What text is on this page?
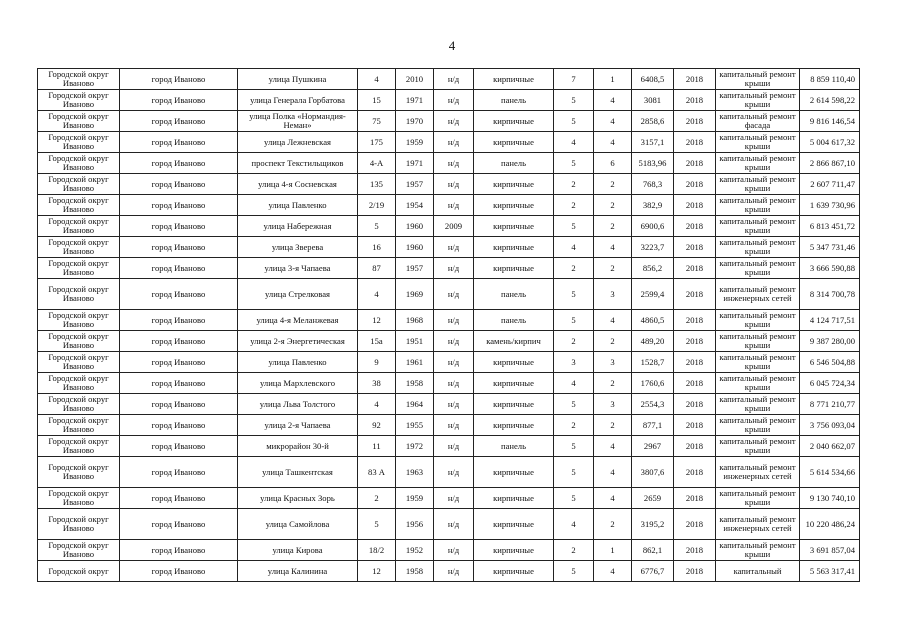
4
Городской округ Иваново	город Иваново	улица Пушкина	4	2010	н/д	кирпичные	7	1	6408,5	2018	капитальный ремонт крыши	8 859 110,40
Городской округ Иваново	город Иваново	улица Генерала Горбатова	15	1971	н/д	панель	5	4	3081	2018	капитальный ремонт крыши	2 614 598,22
Городской округ Иваново	город Иваново	улица Полка «Нормандия-Неман»	75	1970	н/д	кирпичные	5	4	2858,6	2018	капитальный ремонт фасада	9 816 146,54
Городской округ Иваново	город Иваново	улица Лежневская	175	1959	н/д	кирпичные	4	4	3157,1	2018	капитальный ремонт крыши	5 004 617,32
Городской округ Иваново	город Иваново	проспект Текстильщиков	4-А	1971	н/д	панель	5	6	5183,96	2018	капитальный ремонт крыши	2 866 867,10
Городской округ Иваново	город Иваново	улица 4-я Сосневская	135	1957	н/д	кирпичные	2	2	768,3	2018	капитальный ремонт крыши	2 607 711,47
Городской округ Иваново	город Иваново	улица Павленко	2/19	1954	н/д	кирпичные	2	2	382,9	2018	капитальный ремонт крыши	1 639 730,96
Городской округ Иваново	город Иваново	улица Набережная	5	1960	2009	кирпичные	5	2	6900,6	2018	капитальный ремонт крыши	6 813 451,72
Городской округ Иваново	город Иваново	улица Зверева	16	1960	н/д	кирпичные	4	4	3223,7	2018	капитальный ремонт крыши	5 347 731,46
Городской округ Иваново	город Иваново	улица 3-я Чапаева	87	1957	н/д	кирпичные	2	2	856,2	2018	капитальный ремонт крыши	3 666 590,88
Городской округ Иваново	город Иваново	улица Стрелковая	4	1969	н/д	панель	5	3	2599,4	2018	капитальный ремонт инженерных сетей	8 314 700,78
Городской округ Иваново	город Иваново	улица 4-я Меланжевая	12	1968	н/д	панель	5	4	4860,5	2018	капитальный ремонт крыши	4 124 717,51
Городской округ Иваново	город Иваново	улица 2-я Энергетическая	15а	1951	н/д	камень/кирпич	2	2	489,20	2018	капитальный ремонт крыши	9 387 280,00
Городской округ Иваново	город Иваново	улица Павленко	9	1961	н/д	кирпичные	3	3	1528,7	2018	капитальный ремонт крыши	6 546 504,88
Городской округ Иваново	город Иваново	улица Мархлевского	38	1958	н/д	кирпичные	4	2	1760,6	2018	капитальный ремонт крыши	6 045 724,34
Городской округ Иваново	город Иваново	улица Льва Толстого	4	1964	н/д	кирпичные	5	3	2554,3	2018	капитальный ремонт крыши	8 771 210,77
Городской округ Иваново	город Иваново	улица 2-я Чапаева	92	1955	н/д	кирпичные	2	2	877,1	2018	капитальный ремонт крыши	3 756 093,04
Городской округ Иваново	город Иваново	микрорайон 30-й	11	1972	н/д	панель	5	4	2967	2018	капитальный ремонт крыши	2 040 662,07
Городской округ Иваново	город Иваново	улица Ташкентская	83 А	1963	н/д	кирпичные	5	4	3807,6	2018	капитальный ремонт инженерных сетей	5 614 534,66
Городской округ Иваново	город Иваново	улица Красных Зорь	2	1959	н/д	кирпичные	5	4	2659	2018	капитальный ремонт крыши	9 130 740,10
Городской округ Иваново	город Иваново	улица Самойлова	5	1956	н/д	кирпичные	4	2	3195,2	2018	капитальный ремонт инженерных сетей	10 220 486,24
Городской округ Иваново	город Иваново	улица Кирова	18/2	1952	н/д	кирпичные	2	1	862,1	2018	капитальный ремонт крыши	3 691 857,04
Городской округ	город Иваново	улица Калинина	12	1958	н/д	кирпичные	5	4	6776,7	2018	капитальный	5 563 317,41
